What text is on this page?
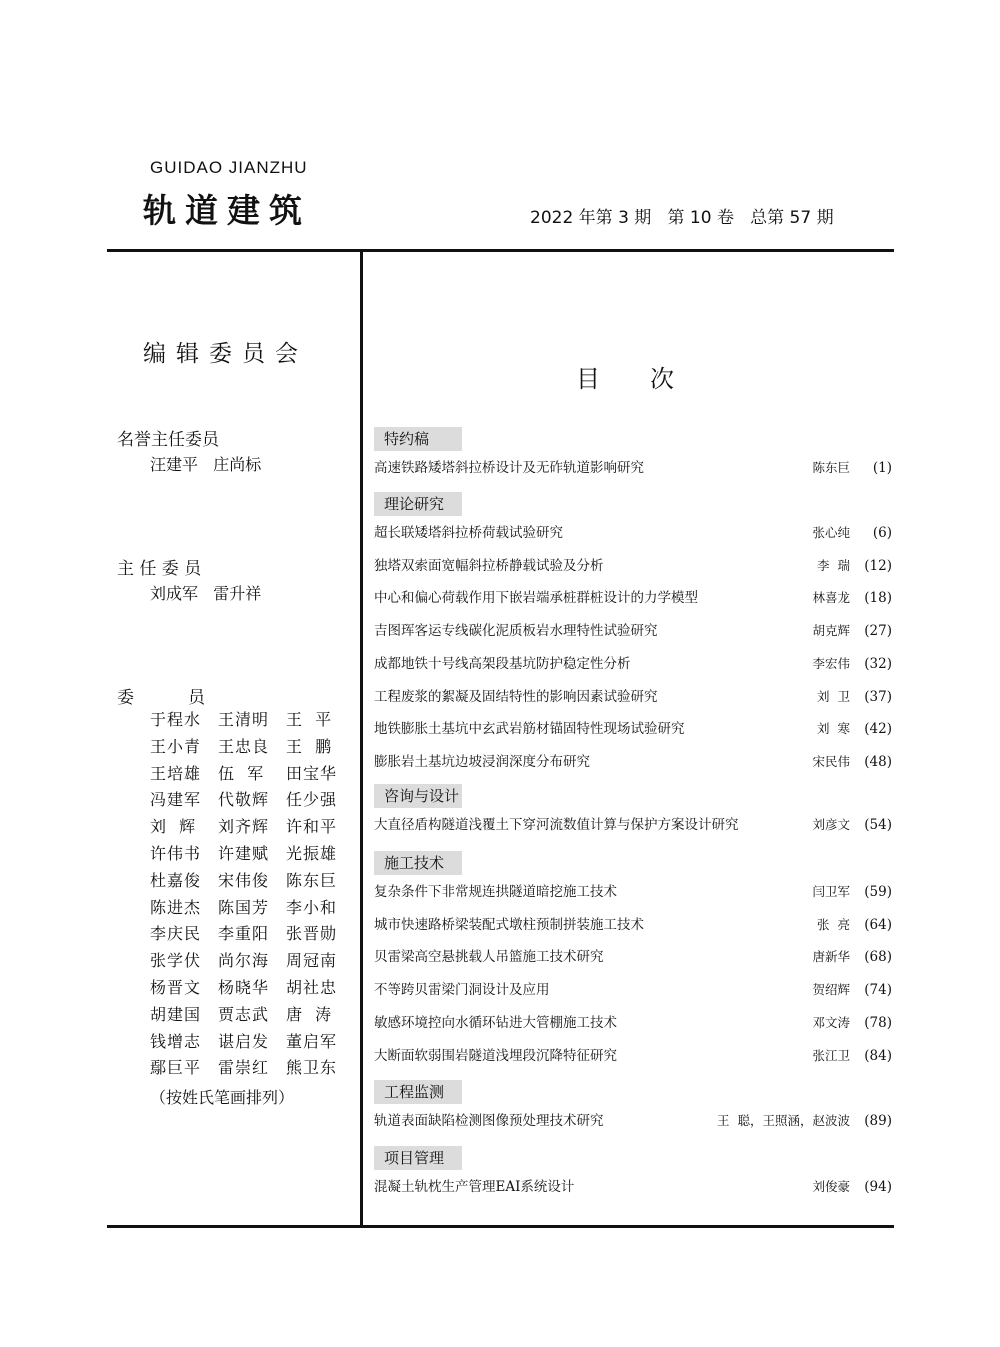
GUIDAO JIANZHU
轨道建筑	2022 年第 3 期   第 10 卷   总第 57 期
编辑委员会
名誉主任委员
汪建平   庄尚标
主 任 委 员
刘成军   雷升祥
委          员
于程水	王清明	王  平
王小青	王忠良	王  鹏
王培雄	伍  军	田宝华
冯建军	代敬辉	任少强
刘  辉	刘齐辉	许和平
许伟书	许建赋	光振雄
杜嘉俊	宋伟俊	陈东巨
陈进杰	陈国芳	李小和
李庆民	李重阳	张晋勋
张学伏	尚尔海	周冠南
杨晋文	杨晓华	胡社忠
胡建国	贾志武	唐  涛
钱增志	谌启发	董启军
鄢巨平	雷崇红	熊卫东
（按姓氏笔画排列）
目次
特约稿
高速铁路矮塔斜拉桥设计及无砟轨道影响研究	陈东巨 (1)
理论研究
超长联矮塔斜拉桥荷载试验研究	张心纯 (6)
独塔双索面宽幅斜拉桥静载试验及分析	李  瑞 (12)
中心和偏心荷载作用下嵌岩端承桩群桩设计的力学模型	林喜龙 (18)
吉图珲客运专线碳化泥质板岩水理特性试验研究	胡克辉 (27)
成都地铁十号线高架段基坑防护稳定性分析	李宏伟 (32)
工程废浆的絮凝及固结特性的影响因素试验研究	刘  卫 (37)
地铁膨胀土基坑中玄武岩筋材锚固特性现场试验研究	刘  寒 (42)
膨胀岩土基坑边坡浸润深度分布研究	宋民伟 (48)
咨询与设计
大直径盾构隧道浅覆土下穿河流数值计算与保护方案设计研究	刘彦文 (54)
施工技术
复杂条件下非常规连拱隧道暗挖施工技术	闫卫军 (59)
城市快速路桥梁装配式墩柱预制拼装施工技术	张  亮 (64)
贝雷梁高空悬挑载人吊篮施工技术研究	唐新华 (68)
不等跨贝雷梁门洞设计及应用	贺绍辉 (74)
敏感环境控向水循环钻进大管棚施工技术	邓文涛 (78)
大断面软弱围岩隧道浅埋段沉降特征研究	张江卫 (84)
工程监测
轨道表面缺陷检测图像预处理技术研究	王  聪，王照涵，赵波波 (89)
项目管理
混凝土轨枕生产管理EAI系统设计	刘俊豪 (94)
